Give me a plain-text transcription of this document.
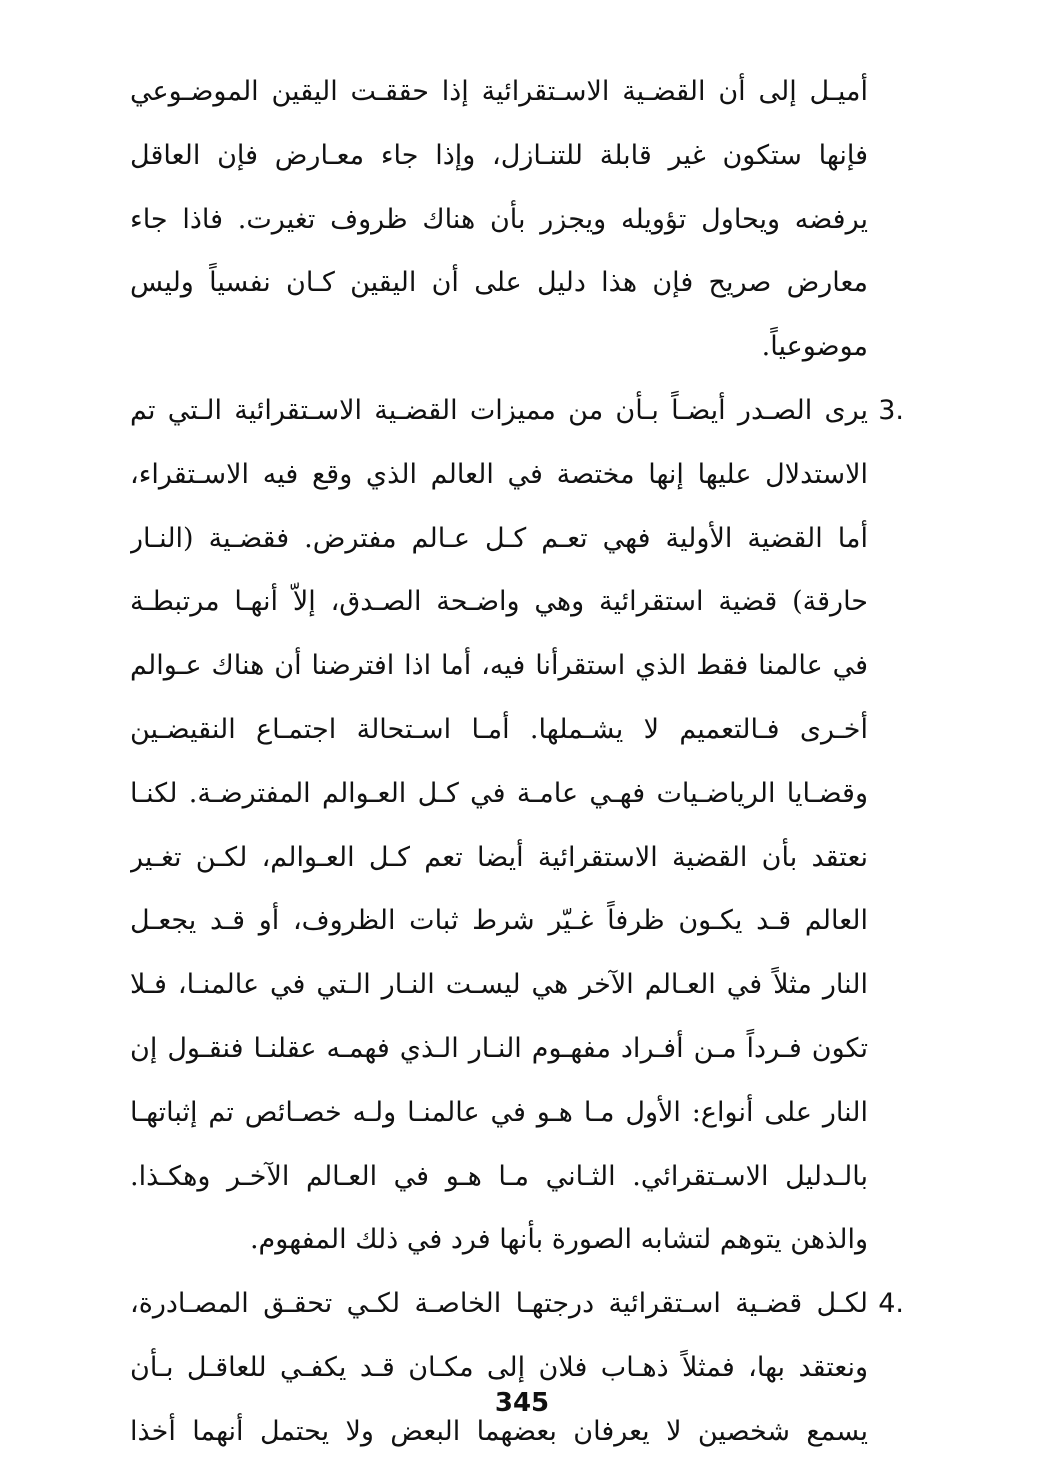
أميـل إلى أن القضـية الاسـتقرائية إذا حققـت اليقين الموضـوعي
فإنها ستكون غير قابلة للتنـازل، وإذا جاء معـارض فإن العاقل
يرفضه ويحاول تؤويله ويجزر بأن هناك ظروف تغيرت. فاذا جاء
معارض صريح فإن هذا دليل على أن اليقين كـان نفسياً وليس
موضوعياً.
3.
يرى الصـدر أيضـاً بـأن من مميزات القضـية الاسـتقرائية الـتي تم
الاستدلال عليها إنها مختصة في العالم الذي وقع فيه الاسـتقراء،
أما القضية الأولية فهي تعـم كـل عـالم مفترض. فقضـية (النـار
حارقة) قضية استقرائية وهي واضـحة الصـدق، إلاّ أنهـا مرتبطـة
في عالمنا فقط الذي استقرأنا فيه، أما اذا افترضنا أن هناك عـوالم
أخـرى فـالتعميم لا يشـملها. أمـا اسـتحالة اجتمـاع النقيضـين
وقضـايا الرياضـيات فهـي عامـة في كـل العـوالم المفترضـة. لكنـا
نعتقد بأن القضية الاستقرائية أيضا تعم كـل العـوالم، لكـن تغـير
العالم قـد يكـون ظرفاً غـيّر شرط ثبات الظروف، أو قـد يجعـل
النار مثلاً في العـالم الآخر هي ليسـت النـار الـتي في عالمنـا، فـلا
تكون فـرداً مـن أفـراد مفهـوم النـار الـذي فهمـه عقلنـا فنقـول إن
النار على أنواع: الأول مـا هـو في عالمنـا ولـه خصـائص تم إثباتهـا
بالـدليل الاسـتقرائي. الثـاني مـا هـو في العـالم الآخـر وهكـذا.
والذهن يتوهم لتشابه الصورة بأنها فرد في ذلك المفهوم.
4.
لكـل قضـية اسـتقرائية درجتهـا الخاصـة لكـي تحقـق المصـادرة،
ونعتقد بها، فمثلاً ذهـاب فلان إلى مكـان قـد يكفـي للعاقـل بـأن
يسمع شخصين لا يعرفان بعضهما البعض ولا يحتمل أنهما أخذا
345
